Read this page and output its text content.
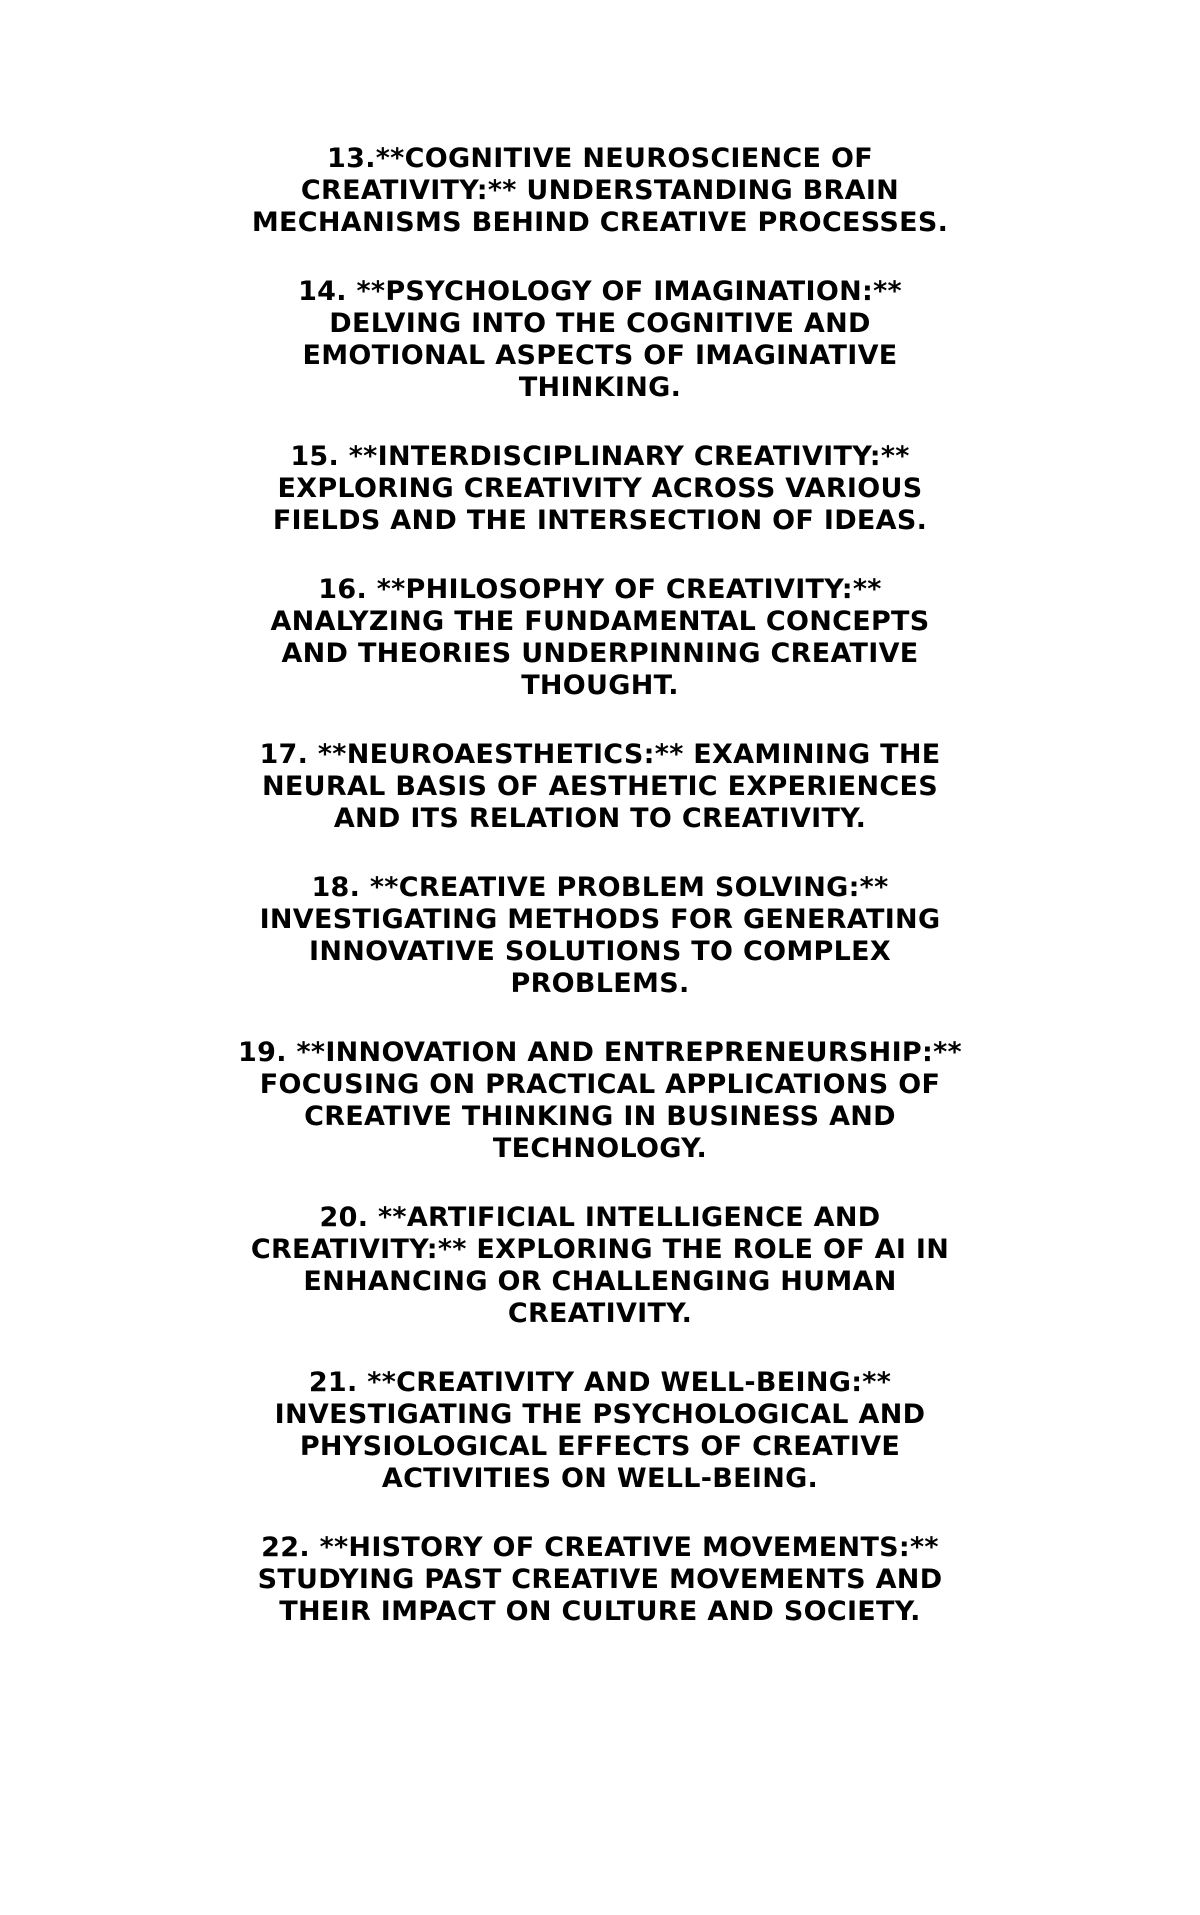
13.**COGNITIVE NEUROSCIENCE OF CREATIVITY:** UNDERSTANDING BRAIN MECHANISMS BEHIND CREATIVE PROCESSES.
14. **PSYCHOLOGY OF IMAGINATION:** DELVING INTO THE COGNITIVE AND EMOTIONAL ASPECTS OF IMAGINATIVE THINKING.
15. **INTERDISCIPLINARY CREATIVITY:** EXPLORING CREATIVITY ACROSS VARIOUS FIELDS AND THE INTERSECTION OF IDEAS.
16. **PHILOSOPHY OF CREATIVITY:** ANALYZING THE FUNDAMENTAL CONCEPTS AND THEORIES UNDERPINNING CREATIVE THOUGHT.
17. **NEUROAESTHETICS:** EXAMINING THE NEURAL BASIS OF AESTHETIC EXPERIENCES AND ITS RELATION TO CREATIVITY.
18. **CREATIVE PROBLEM SOLVING:** INVESTIGATING METHODS FOR GENERATING INNOVATIVE SOLUTIONS TO COMPLEX PROBLEMS.
19. **INNOVATION AND ENTREPRENEURSHIP:** FOCUSING ON PRACTICAL APPLICATIONS OF CREATIVE THINKING IN BUSINESS AND TECHNOLOGY.
20. **ARTIFICIAL INTELLIGENCE AND CREATIVITY:** EXPLORING THE ROLE OF AI IN ENHANCING OR CHALLENGING HUMAN CREATIVITY.
21. **CREATIVITY AND WELL-BEING:** INVESTIGATING THE PSYCHOLOGICAL AND PHYSIOLOGICAL EFFECTS OF CREATIVE ACTIVITIES ON WELL-BEING.
22. **HISTORY OF CREATIVE MOVEMENTS:** STUDYING PAST CREATIVE MOVEMENTS AND THEIR IMPACT ON CULTURE AND SOCIETY.
